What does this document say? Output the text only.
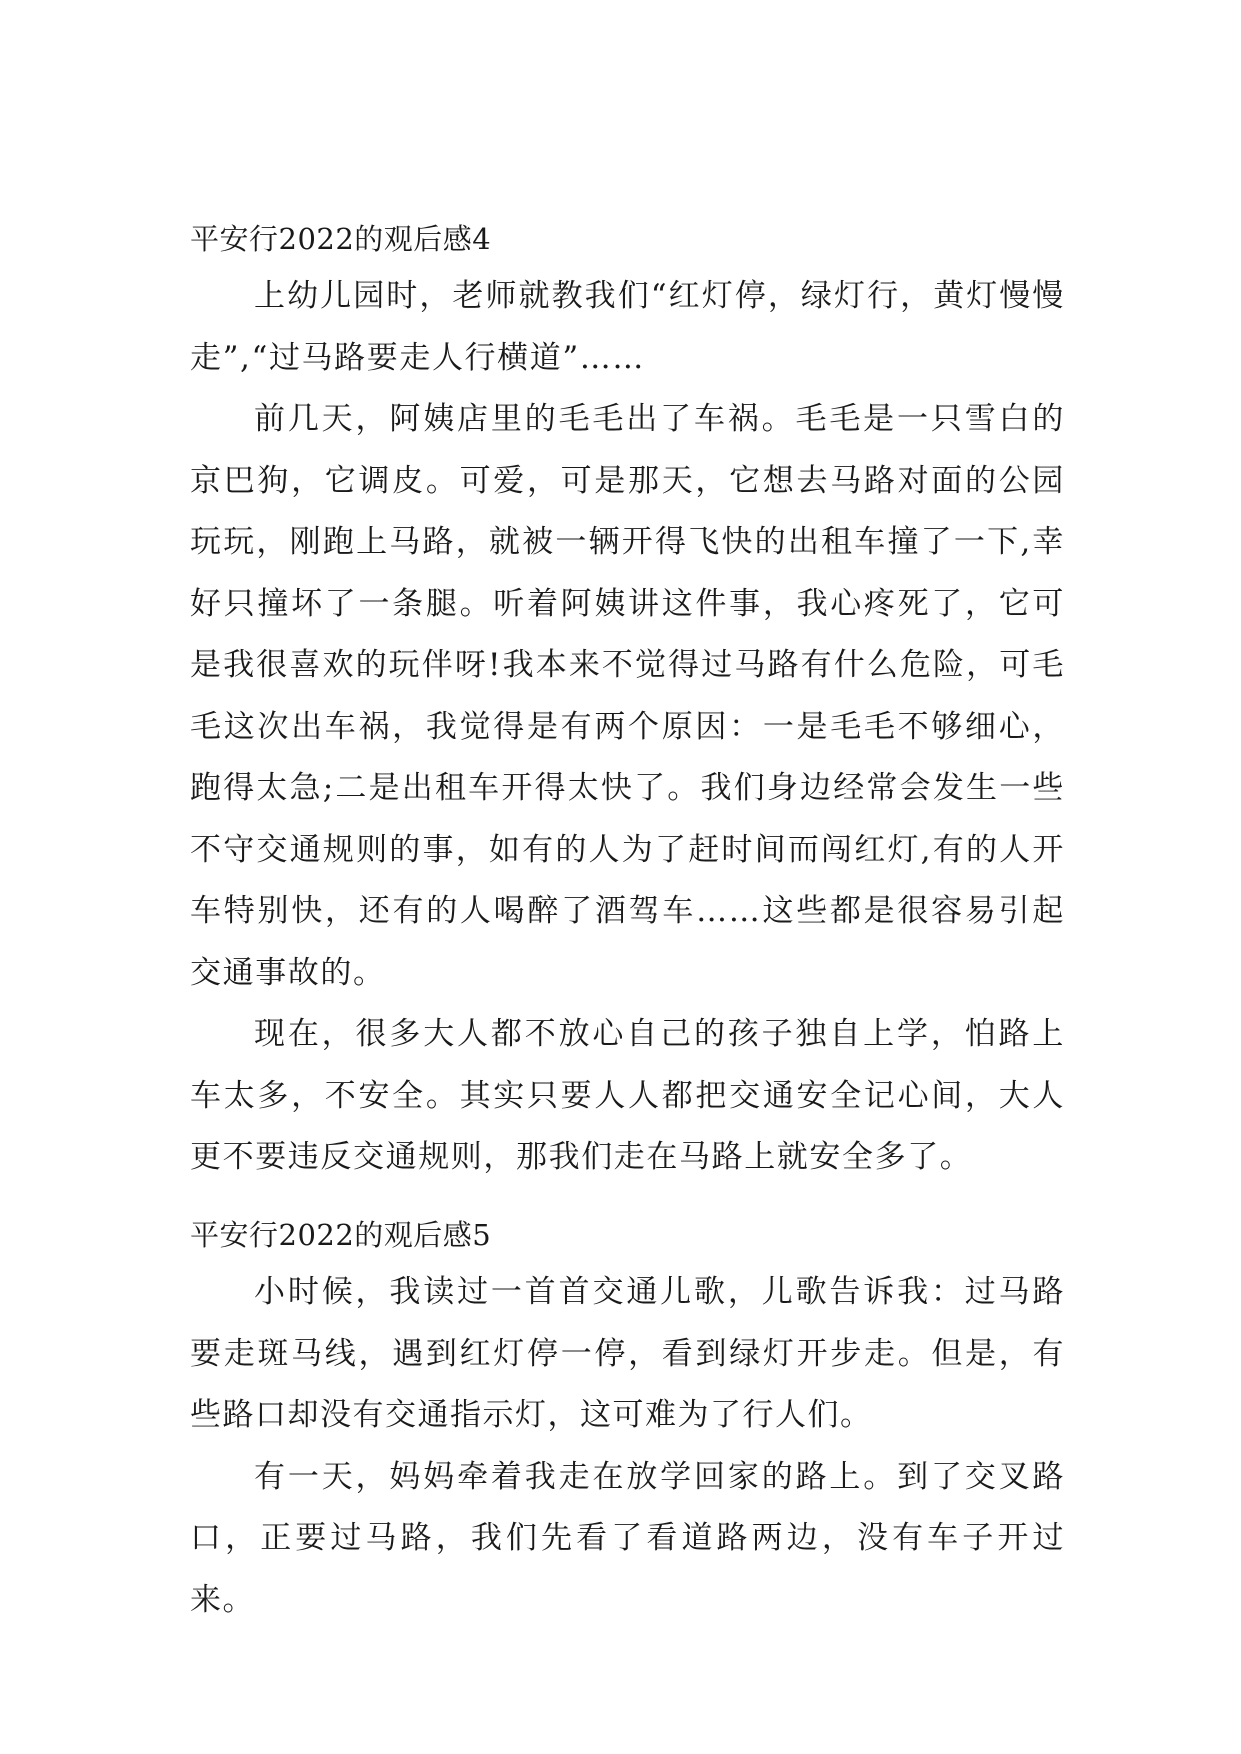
平安行2022的观后感4

上幼儿园时，老师就教我们“红灯停，绿灯行，黄灯慢慢走”,“过马路要走人行横道”……

前几天，阿姨店里的毛毛出了车祸。毛毛是一只雪白的京巴狗，它调皮。可爱，可是那天，它想去马路对面的公园玩玩，刚跑上马路，就被一辆开得飞快的出租车撞了一下,幸好只撞坏了一条腿。听着阿姨讲这件事，我心疼死了，它可是我很喜欢的玩伴呀!我本来不觉得过马路有什么危险，可毛毛这次出车祸，我觉得是有两个原因：一是毛毛不够细心，跑得太急;二是出租车开得太快了。我们身边经常会发生一些不守交通规则的事，如有的人为了赶时间而闯红灯,有的人开车特别快，还有的人喝醉了酒驾车……这些都是很容易引起交通事故的。

现在，很多大人都不放心自己的孩子独自上学，怕路上车太多，不安全。其实只要人人都把交通安全记心间，大人更不要违反交通规则，那我们走在马路上就安全多了。

平安行2022的观后感5

小时候，我读过一首首交通儿歌，儿歌告诉我：过马路要走斑马线，遇到红灯停一停，看到绿灯开步走。但是，有些路口却没有交通指示灯，这可难为了行人们。

有一天，妈妈牵着我走在放学回家的路上。到了交叉路口，正要过马路，我们先看了看道路两边，没有车子开过来。
